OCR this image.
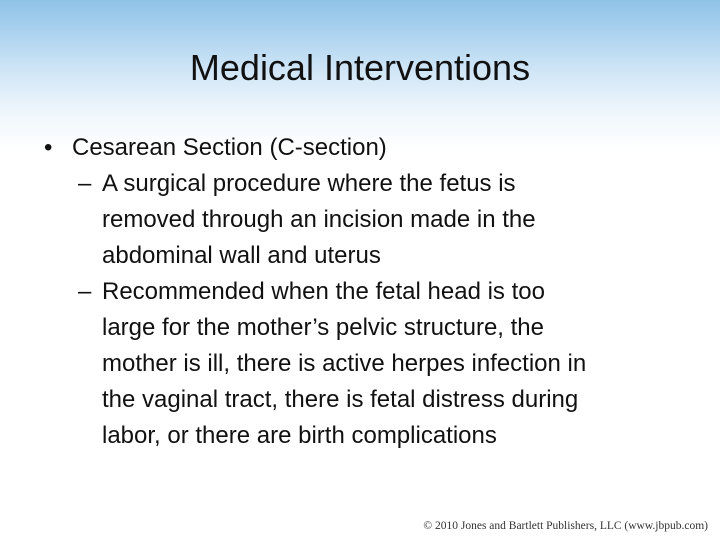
Medical Interventions
• Cesarean Section (C-section)
– A surgical procedure where the fetus is
removed through an incision made in the
abdominal wall and uterus
– Recommended when the fetal head is too
large for the mother’s pelvic structure, the
mother is ill, there is active herpes infection in
the vaginal tract, there is fetal distress during
labor, or there are birth complications
© 2010 Jones and Bartlett Publishers, LLC (www.jbpub.com)
